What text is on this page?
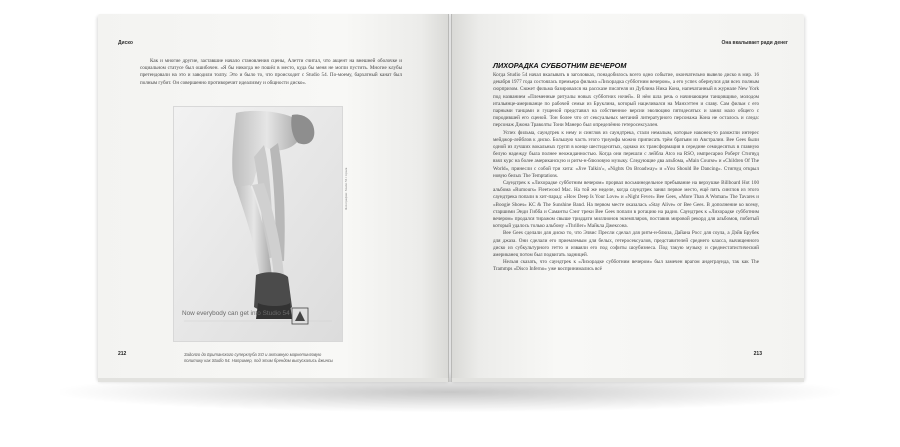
Диско

Как и многие другие, заставшие начало становления сцены, Алетти считал, что акцент на внешней оболочке и социальном статусе был ошибочен. «Я бы никогда не пошёл в место, куда бы меня не могли пустить. Многие клубы претендовали на это и заводили толпу. Это и было то, что происходит с Studio 54. По-моему, бархатный канат был полным губит. Он совершенно противоречит идеализму и общности диско».

Now everybody can get into Studio 54
Фотография: Studio 54 / Архив
Задолго до Британского суперклуба SO и активную маркетинговую политику как Studio 54. Например, под этим брендом выпускались джинсы
212
Она вкалывает ради денег
ЛИХОРАДКА СУББОТНИМ ВЕЧЕРОМ

Когда Studio 54 начал вкалывать в заголовках, понадобилось всего одно событие, окончательно вывело диско в мир. 16 декабря 1977 года состоялась премьера фильма «Лихорадка субботним вечером», а его успех обернулся для всех полным сюрпризом. Сюжет фильма базировался на рассказе писателя из Дублина Ника Кона, напечатанный в журнале New York под названием «Племенные ритуалы новых субботних ночей». В нём шла речь о начинающем танцовщике, молодом итальянце-американце по рабочей семьи из Бруклина, который нацеливался на Манхэттен и славу. Сам фильм с его парными танцами и гущеной представил на собственное версии эволюцию пятидесятых и занял мало общего с породившей его сценой. Тон более что от сексуальных метаний литературного персонажа Кона не осталось и следа: персонаж Джона Траволты Тони Манеро был определённо гетеросексуален.

Успех фильма, саундтрек к нему и синглов из саундтрека, стали немалым, которые наконец-то разожгли интерес мейджор-лейблов к диско. Большую часть этого триумфа можно приписать трём братьям из Австралии. Bee Gees были одной из лучших вокальных групп в конце шестидесятых, однако их трансформация в середине семидесятых в главную белую надежду была полнее неожиданностью. Когда они перешли с лейбла Atco на RSO, импресарио Роберт Стигвуд взял курс на более американскую и ритм-н-блюзовую музыку. Следующие два альбома, «Main Course» и «Children Of The World», принесли с собой три хита: «Jive Talkin'», «Nights On Broadway» и «You Should Be Dancing». Стигвуд открыл новую белых The Temptations.

Саундтрек к «Лихорадке субботним вечером» прорвал восьминедельное пребывание на верхушке Billboard Hot 100 альбома «Rumours» Fleetwood Mac. На той же неделе, когда саундтрек занял первое место, ещё пять синглов из этого саундтрека попали в хит-парад: «How Deep Is Your Love» и «Night Fever» Bee Gees, «More Than A Woman» The Tavares и «Boogie Shoes» KC & The Sunshine Band. На первом месте оказалась «Stay Alive» от Bee Gees. В дополнение ко всему, старшими Энди Гибба и Саманты Сэнг треки Bee Gees попали в ротацию на радио. Саундтрек к «Лихорадке субботним вечером» продался тиражом свыше тридцати миллионов экземпляров, поставив мировой рекорд для альбомов, побитый который удалось только альбому «Thriller» Майкла Джексона.

Bee Gees сделали для диско то, что Элвис Пресли сделал для ритм-н-блюза, Дайана Росс для соула, а Дэйв Брубек для джаза. Они сделали его приемлемым для белых, гетеросексуалов, представителей среднего класса, вычищенного диско из субкультурного гетто и изваяли его под софиты шоубизнеса. Под такую музыку и среднестатистический американец потом был подвигать задницей.

Нельзя сказать, что саундтрек к «Лихорадке субботним вечером» был замечен врагом андеграунда, так как The Trammps «Disco Inferno» уже воспринимались всё

213
